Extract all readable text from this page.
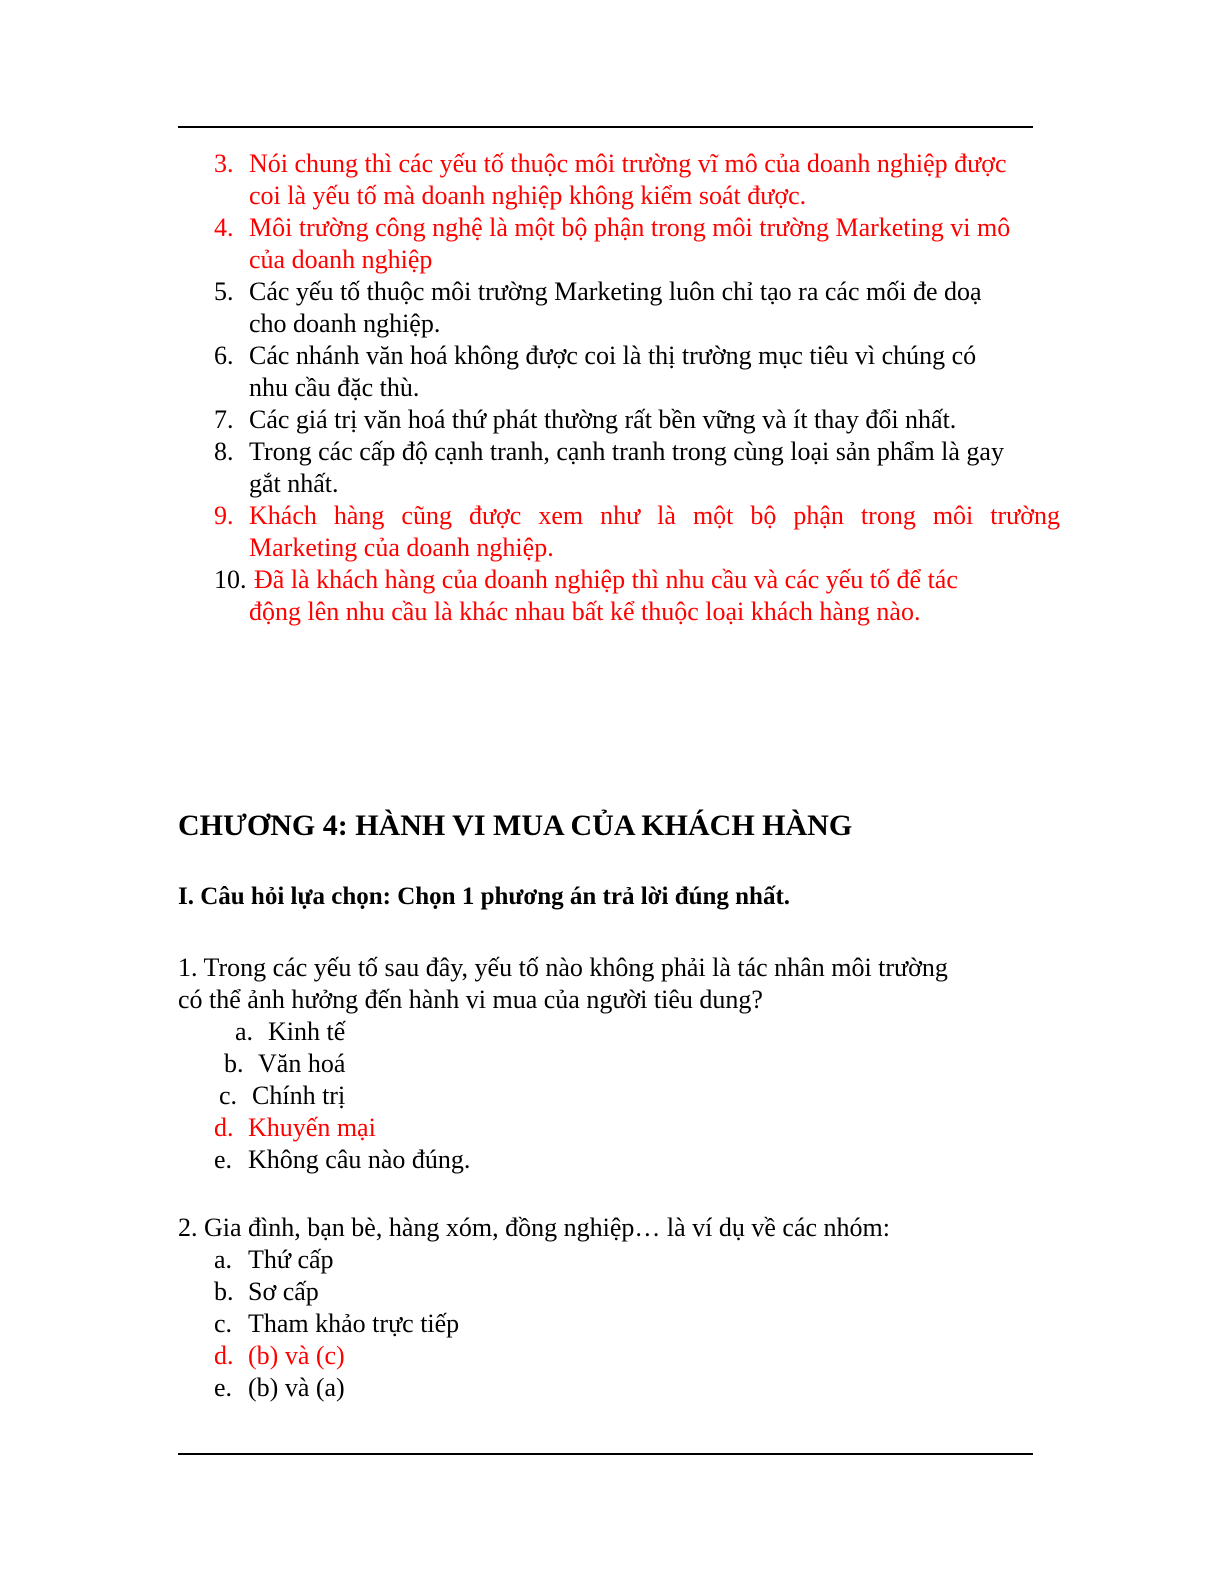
3. Nói chung thì các yếu tố thuộc môi trường vĩ mô của doanh nghiệp được
coi là yếu tố mà doanh nghiệp không kiểm soát được.
4. Môi trường công nghệ là một bộ phận trong môi trường Marketing vi mô
của doanh nghiệp
5. Các yếu tố thuộc môi trường Marketing luôn chỉ tạo ra các mối đe doạ
cho doanh nghiệp.
6. Các nhánh văn hoá không được coi là thị trường mục tiêu vì chúng có
nhu cầu đặc thù.
7. Các giá trị văn hoá thứ phát thường rất bền vững và ít thay đổi nhất.
8. Trong các cấp độ cạnh tranh, cạnh tranh trong cùng loại sản phẩm là gay
gắt nhất.
9. Khách hàng cũng được xem như là một bộ phận trong môi trường
Marketing của doanh nghiệp.
10. Đã là khách hàng của doanh nghiệp thì nhu cầu và các yếu tố để tác
động lên nhu cầu là khác nhau bất kể thuộc loại khách hàng nào.
CHƯƠNG 4: HÀNH VI MUA CỦA KHÁCH HÀNG
I. Câu hỏi lựa chọn: Chọn 1 phương án trả lời đúng nhất.
1. Trong các yếu tố sau đây, yếu tố nào không phải là tác nhân môi trường
có thể ảnh hưởng đến hành vi mua của người tiêu dung?
a. Kinh tế
b. Văn hoá
c. Chính trị
d. Khuyến mại
e. Không câu nào đúng.
2. Gia đình, bạn bè, hàng xóm, đồng nghiệp… là ví dụ về các nhóm:
a. Thứ cấp
b. Sơ cấp
c. Tham khảo trực tiếp
d. (b) và (c)
e. (b) và (a)
